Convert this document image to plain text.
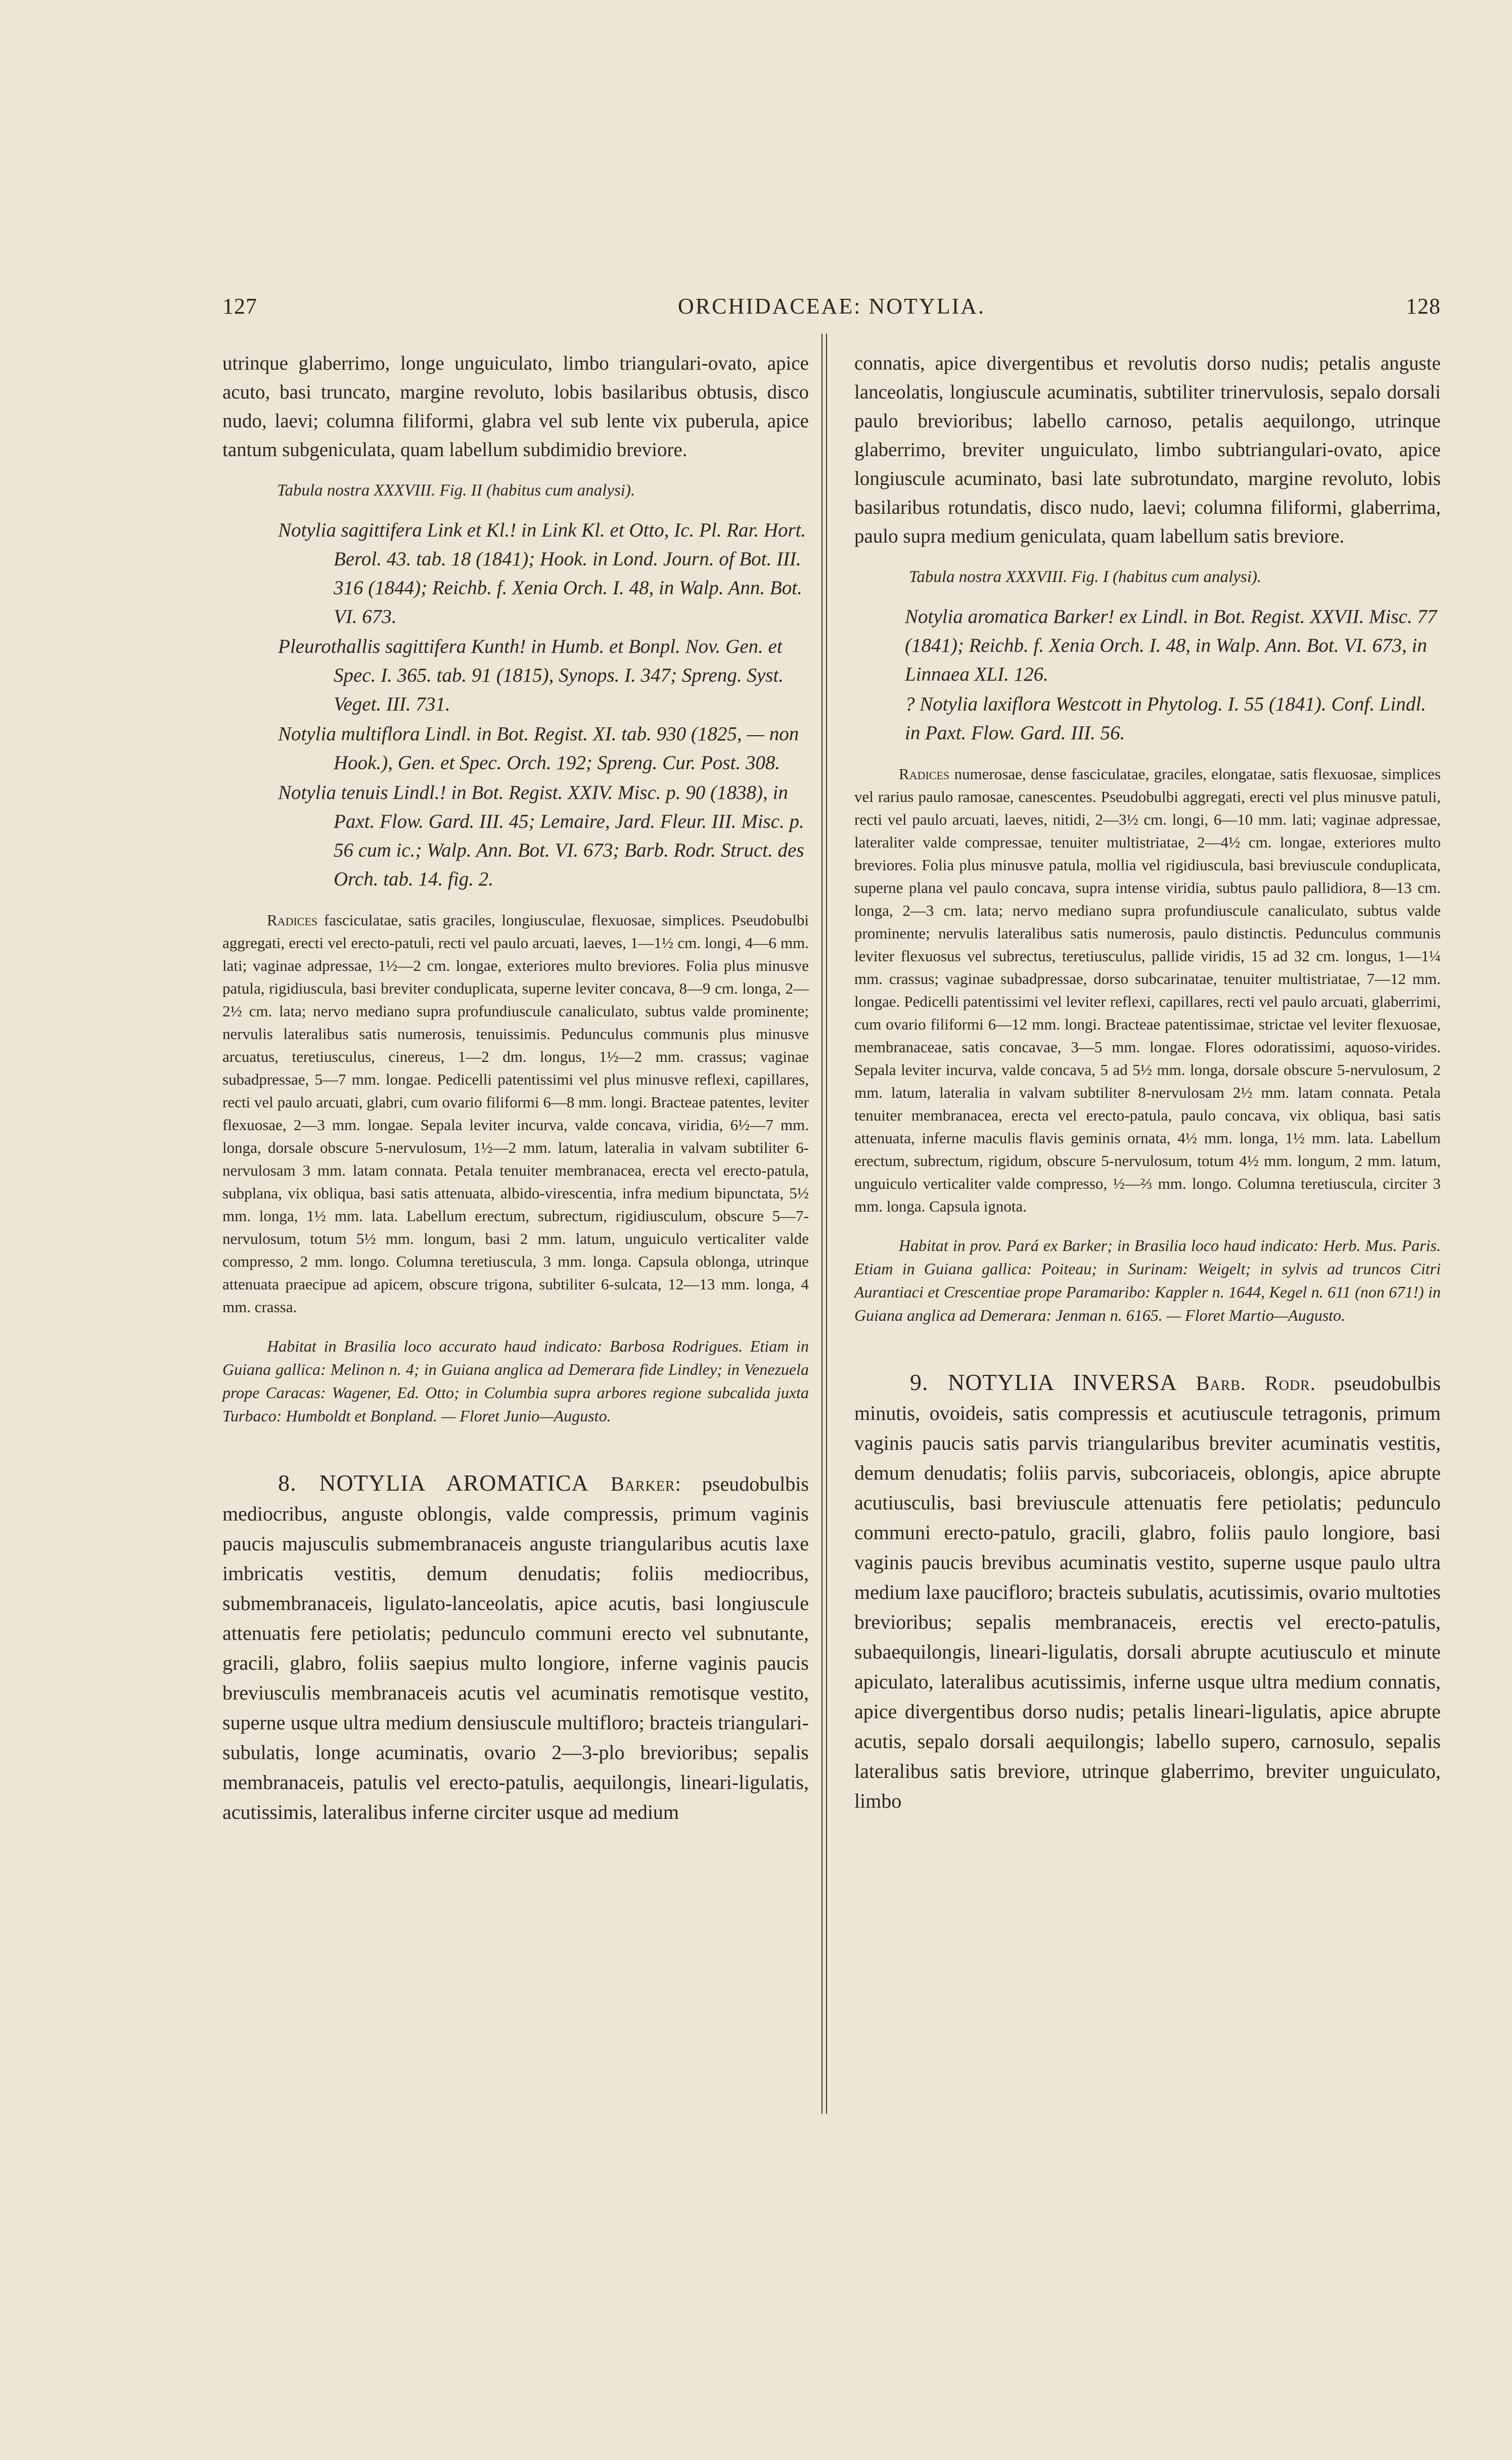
127	ORCHIDACEAE: NOTYLIA.	128

utrinque glaberrimo, longe unguiculato, limbo triangulari-ovato, apice acuto, basi truncato, margine revoluto, lobis basilaribus obtusis, disco nudo, laevi; columna filiformi, glabra vel sub lente vix puberula, apice tantum subgeniculata, quam labellum subdimidio breviore.

Tabula nostra XXXVIII. Fig. II (habitus cum analysi).

Notylia sagittifera Link et Kl.! in Link Kl. et Otto, Ic. Pl. Rar. Hort. Berol. 43. tab. 18 (1841); Hook. in Lond. Journ. of Bot. III. 316 (1844); Reichb. f. Xenia Orch. I. 48, in Walp. Ann. Bot. VI. 673.

Pleurothallis sagittifera Kunth! in Humb. et Bonpl. Nov. Gen. et Spec. I. 365. tab. 91 (1815), Synops. I. 347; Spreng. Syst. Veget. III. 731.

Notylia multiflora Lindl. in Bot. Regist. XI. tab. 930 (1825, — non Hook.), Gen. et Spec. Orch. 192; Spreng. Cur. Post. 308.

Notylia tenuis Lindl.! in Bot. Regist. XXIV. Misc. p. 90 (1838), in Paxt. Flow. Gard. III. 45; Lemaire, Jard. Fleur. III. Misc. p. 56 cum ic.; Walp. Ann. Bot. VI. 673; Barb. Rodr. Struct. des Orch. tab. 14. fig. 2.

Radices fasciculatae, satis graciles, longiusculae, flexuosae, simplices. Pseudobulbi aggregati, erecti vel erecto-patuli, recti vel paulo arcuati, laeves, 1—1½ cm. longi, 4—6 mm. lati; vaginae adpressae, 1½—2 cm. longae, exteriores multo breviores. Folia plus minusve patula, rigidiuscula, basi breviter conduplicata, superne leviter concava, 8—9 cm. longa, 2—2½ cm. lata; nervo mediano supra profundiuscule canaliculato, subtus valde prominente; nervulis lateralibus satis numerosis, tenuissimis. Pedunculus communis plus minusve arcuatus, teretiusculus, cinereus, 1—2 dm. longus, 1½—2 mm. crassus; vaginae subadpressae, 5—7 mm. longae. Pedicelli patentissimi vel plus minusve reflexi, capillares, recti vel paulo arcuati, glabri, cum ovario filiformi 6—8 mm. longi. Bracteae patentes, leviter flexuosae, 2—3 mm. longae. Sepala leviter incurva, valde concava, viridia, 6½—7 mm. longa, dorsale obscure 5-nervulosum, 1½—2 mm. latum, lateralia in valvam subtiliter 6-nervulosam 3 mm. latam connata. Petala tenuiter membranacea, erecta vel erecto-patula, subplana, vix obliqua, basi satis attenuata, albido-virescentia, infra medium bipunctata, 5½ mm. longa, 1½ mm. lata. Labellum erectum, subrectum, rigidiusculum, obscure 5—7-nervulosum, totum 5½ mm. longum, basi 2 mm. latum, unguiculo verticaliter valde compresso, 2 mm. longo. Columna teretiuscula, 3 mm. longa. Capsula oblonga, utrinque attenuata praecipue ad apicem, obscure trigona, subtiliter 6-sulcata, 12—13 mm. longa, 4 mm. crassa.

Habitat in Brasilia loco accurato haud indicato: Barbosa Rodrigues. Etiam in Guiana gallica: Melinon n. 4; in Guiana anglica ad Demerara fide Lindley; in Venezuela prope Caracas: Wagener, Ed. Otto; in Columbia supra arbores regione subcalida juxta Turbaco: Humboldt et Bonpland. — Floret Junio—Augusto.

8. NOTYLIA AROMATICA Barker: pseudobulbis mediocribus, anguste oblongis, valde compressis, primum vaginis paucis majusculis submembranaceis anguste triangularibus acutis laxe imbricatis vestitis, demum denudatis; foliis mediocribus, submembranaceis, ligulato-lanceolatis, apice acutis, basi longiuscule attenuatis fere petiolatis; pedunculo communi erecto vel subnutante, gracili, glabro, foliis saepius multo longiore, inferne vaginis paucis breviusculis membranaceis acutis vel acuminatis remotisque vestito, superne usque ultra medium densiuscule multifloro; bracteis triangulari-subulatis, longe acuminatis, ovario 2—3-plo brevioribus; sepalis membranaceis, patulis vel erecto-patulis, aequilongis, lineari-ligulatis, acutissimis, lateralibus inferne circiter usque ad medium

connatis, apice divergentibus et revolutis dorso nudis; petalis anguste lanceolatis, longiuscule acuminatis, subtiliter trinervulosis, sepalo dorsali paulo brevioribus; labello carnoso, petalis aequilongo, utrinque glaberrimo, breviter unguiculato, limbo subtriangulari-ovato, apice longiuscule acuminato, basi late subrotundato, margine revoluto, lobis basilaribus rotundatis, disco nudo, laevi; columna filiformi, glaberrima, paulo supra medium geniculata, quam labellum satis breviore.

Tabula nostra XXXVIII. Fig. I (habitus cum analysi).

Notylia aromatica Barker! ex Lindl. in Bot. Regist. XXVII. Misc. 77 (1841); Reichb. f. Xenia Orch. I. 48, in Walp. Ann. Bot. VI. 673, in Linnaea XLI. 126.

? Notylia laxiflora Westcott in Phytolog. I. 55 (1841). Conf. Lindl. in Paxt. Flow. Gard. III. 56.

Radices numerosae, dense fasciculatae, graciles, elongatae, satis flexuosae, simplices vel rarius paulo ramosae, canescentes. Pseudobulbi aggregati, erecti vel plus minusve patuli, recti vel paulo arcuati, laeves, nitidi, 2—3½ cm. longi, 6—10 mm. lati; vaginae adpressae, lateraliter valde compressae, tenuiter multistriatae, 2—4½ cm. longae, exteriores multo breviores. Folia plus minusve patula, mollia vel rigidiuscula, basi breviuscule conduplicata, superne plana vel paulo concava, supra intense viridia, subtus paulo pallidiora, 8—13 cm. longa, 2—3 cm. lata; nervo mediano supra profundiuscule canaliculato, subtus valde prominente; nervulis lateralibus satis numerosis, paulo distinctis. Pedunculus communis leviter flexuosus vel subrectus, teretiusculus, pallide viridis, 15 ad 32 cm. longus, 1—1¼ mm. crassus; vaginae subadpressae, dorso subcarinatae, tenuiter multistriatae, 7—12 mm. longae. Pedicelli patentissimi vel leviter reflexi, capillares, recti vel paulo arcuati, glaberrimi, cum ovario filiformi 6—12 mm. longi. Bracteae patentissimae, strictae vel leviter flexuosae, membranaceae, satis concavae, 3—5 mm. longae. Flores odoratissimi, aquoso-virides. Sepala leviter incurva, valde concava, 5 ad 5½ mm. longa, dorsale obscure 5-nervulosum, 2 mm. latum, lateralia in valvam subtiliter 8-nervulosam 2½ mm. latam connata. Petala tenuiter membranacea, erecta vel erecto-patula, paulo concava, vix obliqua, basi satis attenuata, inferne maculis flavis geminis ornata, 4½ mm. longa, 1½ mm. lata. Labellum erectum, subrectum, rigidum, obscure 5-nervulosum, totum 4½ mm. longum, 2 mm. latum, unguiculo verticaliter valde compresso, ½—⅔ mm. longo. Columna teretiuscula, circiter 3 mm. longa. Capsula ignota.

Habitat in prov. Pará ex Barker; in Brasilia loco haud indicato: Herb. Mus. Paris. Etiam in Guiana gallica: Poiteau; in Surinam: Weigelt; in sylvis ad truncos Citri Aurantiaci et Crescentiae prope Paramaribo: Kappler n. 1644, Kegel n. 611 (non 671!) in Guiana anglica ad Demerara: Jenman n. 6165. — Floret Martio—Augusto.

9. NOTYLIA INVERSA Barb. Rodr. pseudobulbis minutis, ovoideis, satis compressis et acutiuscule tetragonis, primum vaginis paucis satis parvis triangularibus breviter acuminatis vestitis, demum denudatis; foliis parvis, subcoriaceis, oblongis, apice abrupte acutiusculis, basi breviuscule attenuatis fere petiolatis; pedunculo communi erecto-patulo, gracili, glabro, foliis paulo longiore, basi vaginis paucis brevibus acuminatis vestito, superne usque paulo ultra medium laxe paucifloro; bracteis subulatis, acutissimis, ovario multoties brevioribus; sepalis membranaceis, erectis vel erecto-patulis, subaequilongis, lineari-ligulatis, dorsali abrupte acutiusculo et minute apiculato, lateralibus acutissimis, inferne usque ultra medium connatis, apice divergentibus dorso nudis; petalis lineari-ligulatis, apice abrupte acutis, sepalo dorsali aequilongis; labello supero, carnosulo, sepalis lateralibus satis breviore, utrinque glaberrimo, breviter unguiculato, limbo
